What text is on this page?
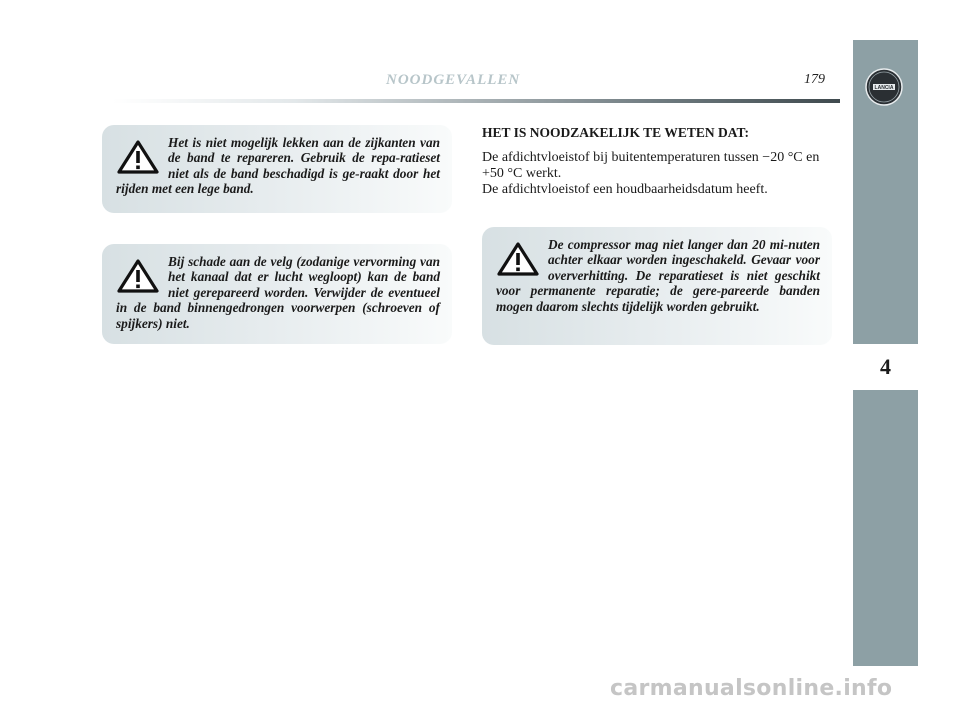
NOODGEVALLEN	179
LANCIA
4
Het is niet mogelijk lekken aan de zijkanten van de band te repareren. Gebruik de repa-ratieset niet als de band beschadigd is ge-raakt door het rijden met een lege band.
Bij schade aan de velg (zodanige vervorming van het kanaal dat er lucht wegloopt) kan de band niet gerepareerd worden. Verwijder de eventueel in de band binnengedrongen voorwerpen (schroeven of spijkers) niet.
HET IS NOODZAKELIJK TE WETEN DAT:

De afdichtvloeistof bij buitentemperaturen tussen −20 °C en +50 °C werkt.

De afdichtvloeistof een houdbaarheidsdatum heeft.

De compressor mag niet langer dan 20 mi-nuten achter elkaar worden ingeschakeld. Gevaar voor oververhitting. De reparatieset is niet geschikt voor permanente reparatie; de gere-pareerde banden mogen daarom slechts tijdelijk worden gebruikt.
carmanualsonline.info
